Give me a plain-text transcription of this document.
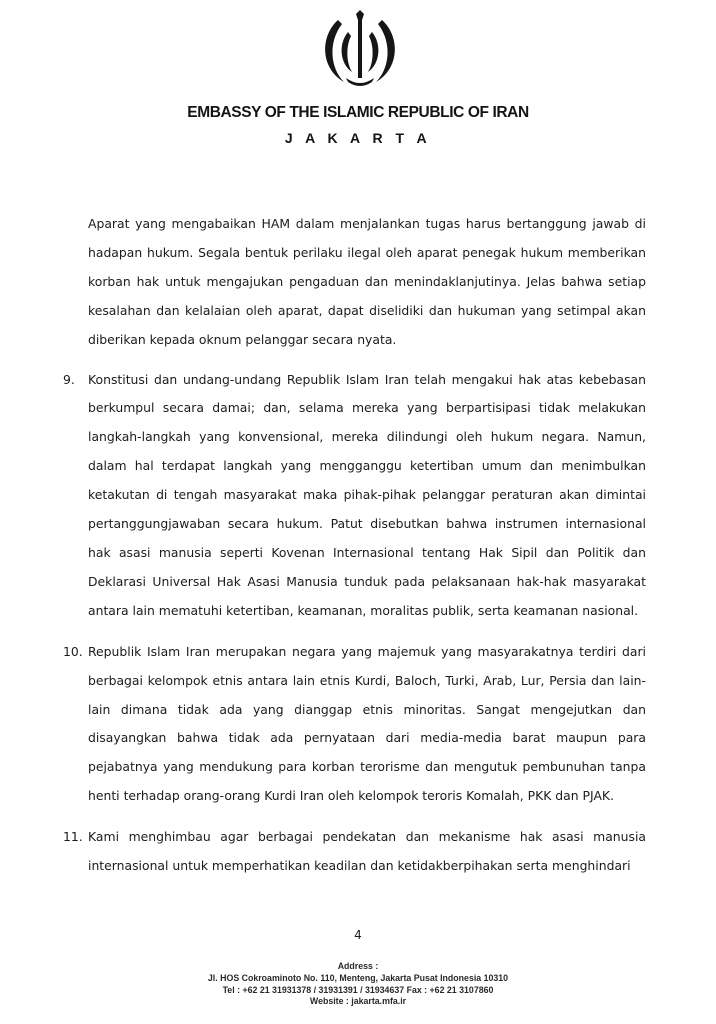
EMBASSY OF THE ISLAMIC REPUBLIC OF IRAN
J A K A R T A

Aparat yang mengabaikan HAM dalam menjalankan tugas harus bertanggung jawab di hadapan hukum. Segala bentuk perilaku ilegal oleh aparat penegak hukum memberikan korban hak untuk mengajukan pengaduan dan menindaklanjutinya. Jelas bahwa setiap kesalahan dan kelalaian oleh aparat, dapat diselidiki dan hukuman yang setimpal akan diberikan kepada oknum pelanggar secara nyata.

9.	Konstitusi dan undang-undang Republik Islam Iran telah mengakui hak atas kebebasan berkumpul secara damai; dan, selama mereka yang berpartisipasi tidak melakukan langkah-langkah yang konvensional, mereka dilindungi oleh hukum negara. Namun, dalam hal terdapat langkah yang mengganggu ketertiban umum dan menimbulkan ketakutan di tengah masyarakat maka pihak-pihak pelanggar peraturan akan dimintai pertanggungjawaban secara hukum. Patut disebutkan bahwa instrumen internasional hak asasi manusia seperti Kovenan Internasional tentang Hak Sipil dan Politik dan Deklarasi Universal Hak Asasi Manusia tunduk pada pelaksanaan hak-hak masyarakat antara lain mematuhi ketertiban, keamanan, moralitas publik, serta keamanan nasional.
10. Republik Islam Iran merupakan negara yang majemuk yang masyarakatnya terdiri dari berbagai kelompok etnis antara lain etnis Kurdi, Baloch, Turki, Arab, Lur, Persia dan lain-lain dimana tidak ada yang dianggap etnis minoritas. Sangat mengejutkan dan disayangkan bahwa tidak ada pernyataan dari media-media barat maupun para pejabatnya yang mendukung para korban terorisme dan mengutuk pembunuhan tanpa henti terhadap orang-orang Kurdi Iran oleh kelompok teroris Komalah, PKK dan PJAK.
11. Kami menghimbau agar berbagai pendekatan dan mekanisme hak asasi manusia internasional untuk memperhatikan keadilan dan ketidakberpihakan serta menghindari
4
Address :
Jl. HOS Cokroaminoto No. 110, Menteng, Jakarta Pusat Indonesia 10310
Tel : +62 21 31931378 / 31931391 / 31934637 Fax : +62 21 3107860
Website : jakarta.mfa.ir
